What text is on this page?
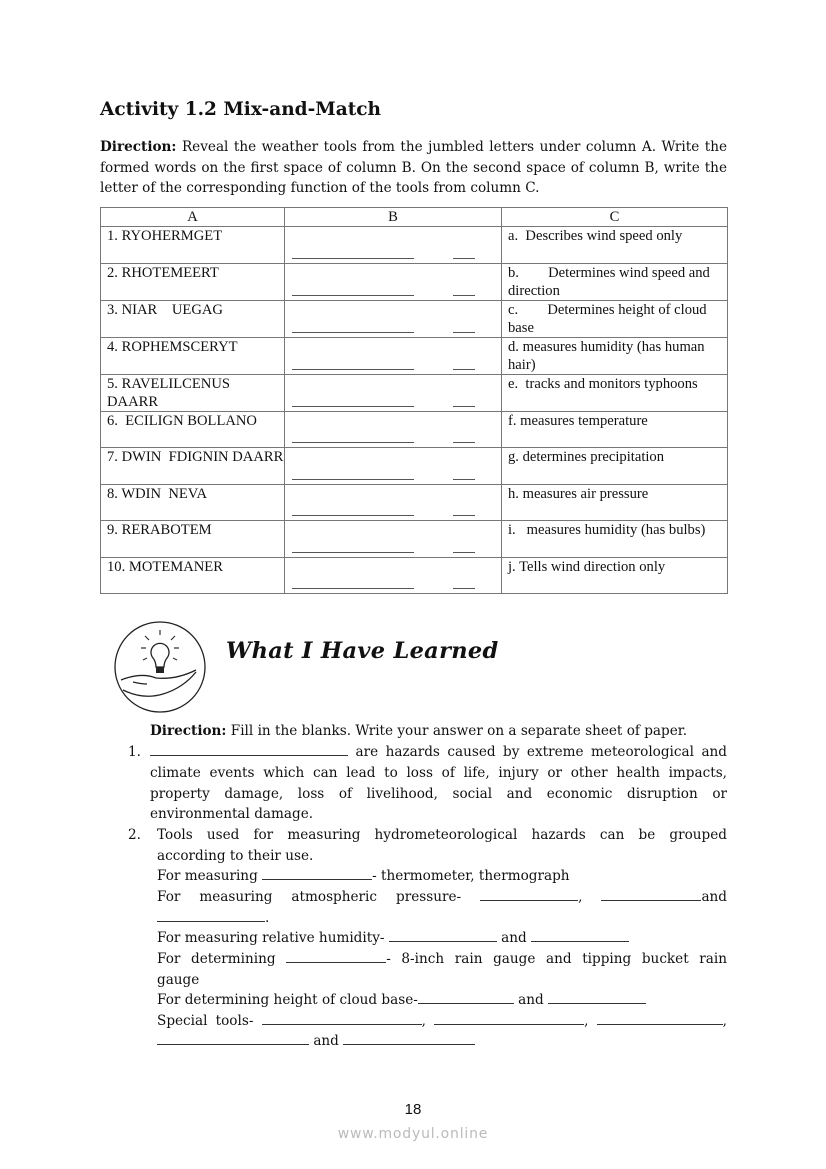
Activity 1.2 Mix-and-Match
Direction: Reveal the weather tools from the jumbled letters under column A. Write the formed words on the first space of column B. On the second space of column B, write the letter of the corresponding function of the tools from column C.
A	B	C
1. RYOHERMGET		a.  Describes wind speed only
2. RHOTEMEERT		b.        Determines wind speed and direction
3. NIAR    UEGAG		c.        Determines height of cloud base
4. ROPHEMSCERYT		d. measures humidity (has human hair)
5. RAVELILCENUS DAARR		e.  tracks and monitors typhoons
6.  ECILIGN BOLLANO		f. measures temperature
7. DWIN  FDIGNIN DAARR		g. determines precipitation
8. WDIN  NEVA		h. measures air pressure
9. RERABOTEM		i.   measures humidity (has bulbs)
10. MOTEMANER		j. Tells wind direction only
What I Have Learned
Direction: Fill in the blanks. Write your answer on a separate sheet of paper.
1.	are hazards caused by extreme meteorological and
climate events which can lead to loss of life, injury or other health impacts,
property damage, loss of livelihood, social and economic disruption or
environmental damage.
2. Tools used for measuring hydrometeorological hazards can be grouped
according to their use.
For measuring	- thermometer, thermograph
For measuring atmospheric pressure-	,	and
.
For measuring relative humidity-	and
For determining	- 8-inch rain gauge and tipping bucket rain
gauge
For determining height of cloud base-	and
Special tools-	,	,	,
and
18
www.modyul.online
